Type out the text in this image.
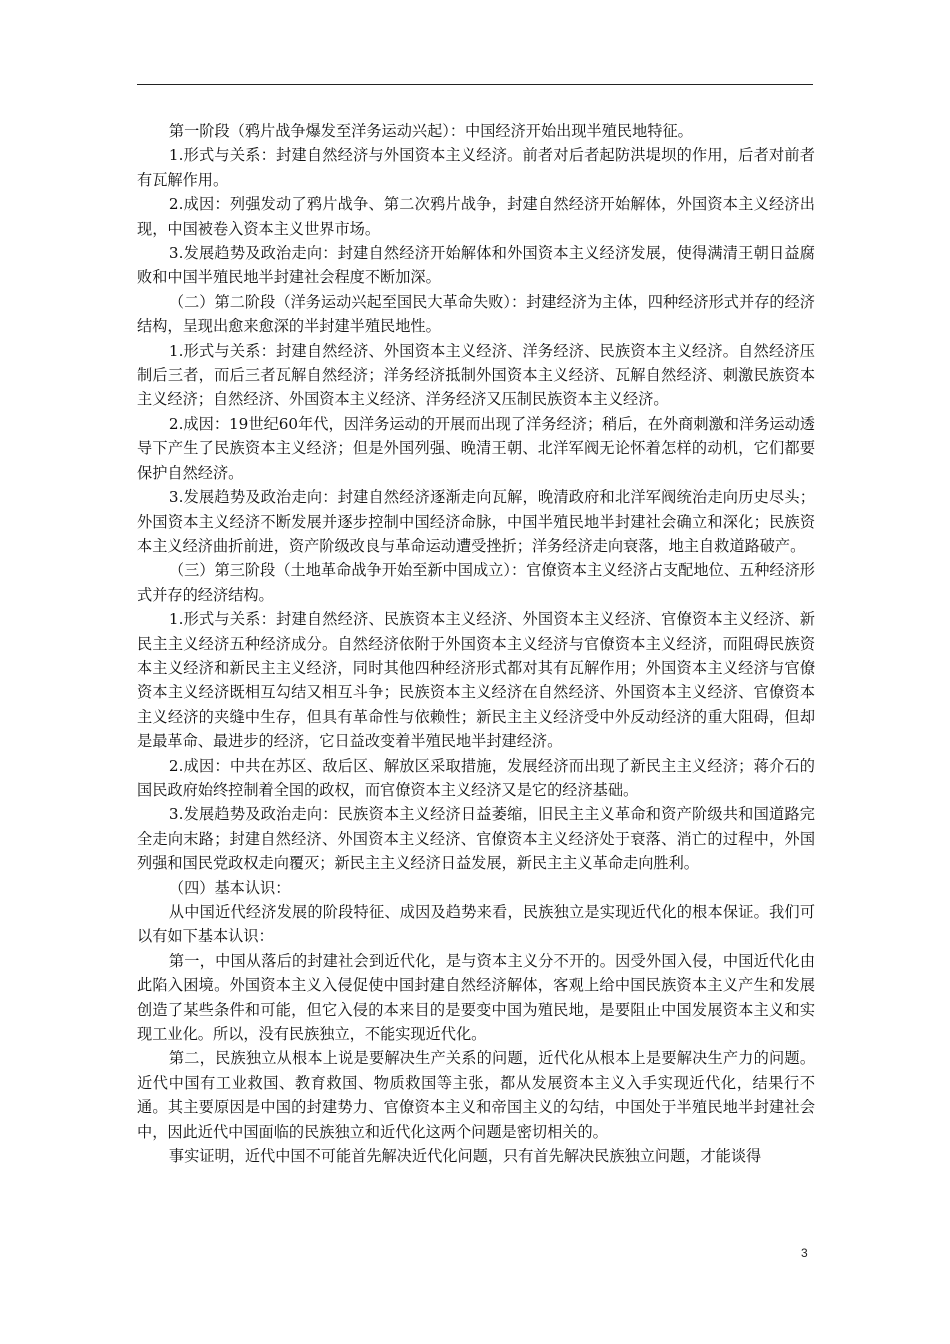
第一阶段（鸦片战争爆发至洋务运动兴起）：中国经济开始出现半殖民地特征。

1.形式与关系：封建自然经济与外国资本主义经济。前者对后者起防洪堤坝的作用，后者对前者有瓦解作用。

2.成因：列强发动了鸦片战争、第二次鸦片战争，封建自然经济开始解体，外国资本主义经济出现，中国被卷入资本主义世界市场。

3.发展趋势及政治走向：封建自然经济开始解体和外国资本主义经济发展，使得满清王朝日益腐败和中国半殖民地半封建社会程度不断加深。

（二）第二阶段（洋务运动兴起至国民大革命失败）：封建经济为主体，四种经济形式并存的经济结构，呈现出愈来愈深的半封建半殖民地性。

1.形式与关系：封建自然经济、外国资本主义经济、洋务经济、民族资本主义经济。自然经济压制后三者，而后三者瓦解自然经济；洋务经济抵制外国资本主义经济、瓦解自然经济、刺激民族资本主义经济；自然经济、外国资本主义经济、洋务经济又压制民族资本主义经济。

2.成因：19世纪60年代，因洋务运动的开展而出现了洋务经济；稍后，在外商刺激和洋务运动透导下产生了民族资本主义经济；但是外国列强、晚清王朝、北洋军阀无论怀着怎样的动机，它们都要保护自然经济。

3.发展趋势及政治走向：封建自然经济逐渐走向瓦解，晚清政府和北洋军阀统治走向历史尽头；外国资本主义经济不断发展并逐步控制中国经济命脉，中国半殖民地半封建社会确立和深化；民族资本主义经济曲折前进，资产阶级改良与革命运动遭受挫折；洋务经济走向衰落，地主自救道路破产。

（三）第三阶段（土地革命战争开始至新中国成立）：官僚资本主义经济占支配地位、五种经济形式并存的经济结构。

1.形式与关系：封建自然经济、民族资本主义经济、外国资本主义经济、官僚资本主义经济、新民主主义经济五种经济成分。自然经济依附于外国资本主义经济与官僚资本主义经济，而阻碍民族资本主义经济和新民主主义经济，同时其他四种经济形式都对其有瓦解作用；外国资本主义经济与官僚资本主义经济既相互勾结又相互斗争；民族资本主义经济在自然经济、外国资本主义经济、官僚资本主义经济的夹缝中生存，但具有革命性与依赖性；新民主主义经济受中外反动经济的重大阻碍，但却是最革命、最进步的经济，它日益改变着半殖民地半封建经济。

2.成因：中共在苏区、敌后区、解放区采取措施，发展经济而出现了新民主主义经济；蒋介石的国民政府始终控制着全国的政权，而官僚资本主义经济又是它的经济基础。

3.发展趋势及政治走向：民族资本主义经济日益萎缩，旧民主主义革命和资产阶级共和国道路完全走向末路；封建自然经济、外国资本主义经济、官僚资本主义经济处于衰落、消亡的过程中，外国列强和国民党政权走向覆灭；新民主主义经济日益发展，新民主主义革命走向胜利。

（四）基本认识：

从中国近代经济发展的阶段特征、成因及趋势来看，民族独立是实现近代化的根本保证。我们可以有如下基本认识：

第一，中国从落后的封建社会到近代化，是与资本主义分不开的。因受外国入侵，中国近代化由此陷入困境。外国资本主义入侵促使中国封建自然经济解体，客观上给中国民族资本主义产生和发展创造了某些条件和可能，但它入侵的本来目的是要变中国为殖民地，是要阻止中国发展资本主义和实现工业化。所以，没有民族独立，不能实现近代化。

第二，民族独立从根本上说是要解决生产关系的问题，近代化从根本上是要解决生产力的问题。近代中国有工业救国、教育救国、物质救国等主张，都从发展资本主义入手实现近代化，结果行不通。其主要原因是中国的封建势力、官僚资本主义和帝国主义的勾结，中国处于半殖民地半封建社会中，因此近代中国面临的民族独立和近代化这两个问题是密切相关的。

事实证明，近代中国不可能首先解决近代化问题，只有首先解决民族独立问题，才能谈得

3
